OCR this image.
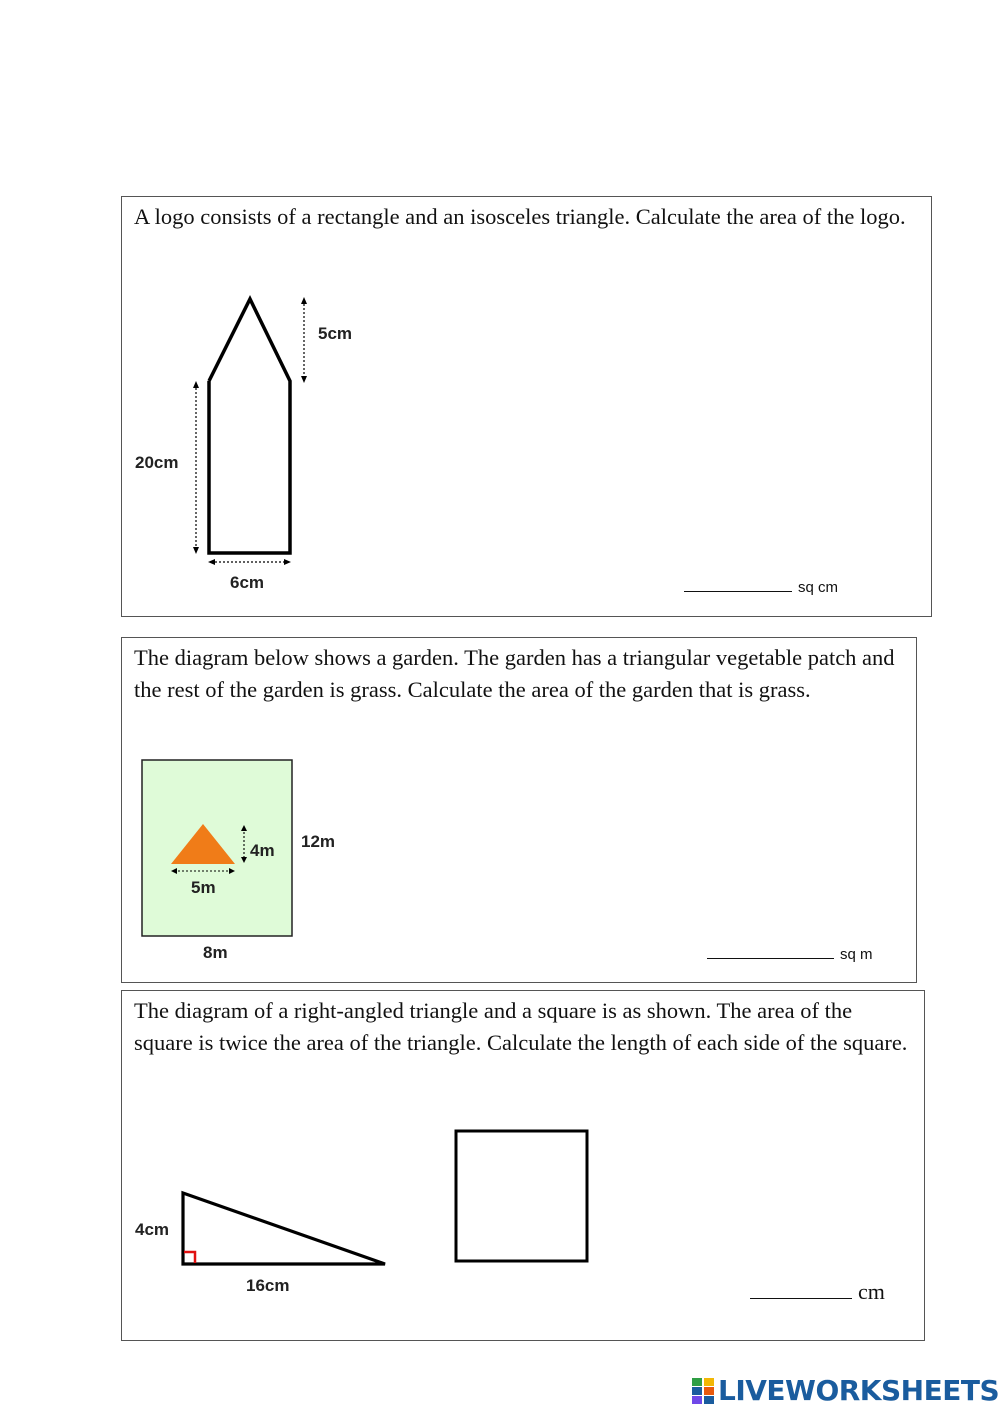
A logo consists of a rectangle and an isosceles triangle. Calculate the area of the logo.

5cm
20cm
6cm	sq cm

The diagram below shows a garden. The garden has a triangular vegetable patch and the rest of the garden is grass. Calculate the area of the garden that is grass.

4m
5m
12m
8m	sq m

The diagram of a right-angled triangle and a square is as shown. The area of the square is twice the area of the triangle. Calculate the length of each side of the square.

4cm
16cm	cm
LIVEWORKSHEETS
